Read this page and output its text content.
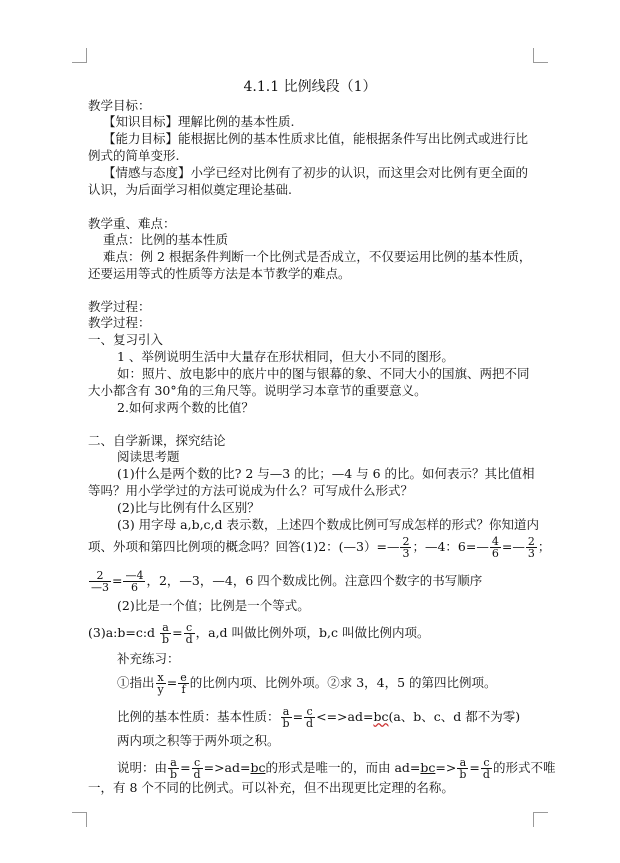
4.1.1 比例线段（1）
教学目标：
【知识目标】理解比例的基本性质.
【能力目标】能根据比例的基本性质求比值，能根据条件写出比例式或进行比
例式的简单变形.
【情感与态度】小学已经对比例有了初步的认识，而这里会对比例有更全面的
认识，为后面学习相似奠定理论基础.
教学重、难点：
重点：比例的基本性质
难点：例 2 根据条件判断一个比例式是否成立，不仅要运用比例的基本性质，
还要运用等式的性质等方法是本节教学的难点。
教学过程：
教学过程：
一、复习引入
1 、举例说明生活中大量存在形状相同，但大小不同的图形。
如：照片、放电影中的底片中的图与银幕的象、不同大小的国旗、两把不同
大小都含有 30°角的三角尺等。说明学习本章节的重要意义。
2.如何求两个数的比值？
二、自学新课，探究结论
阅读思考题
(1)什么是两个数的比? 2 与—3 的比；—4 与 6 的比。如何表示？其比值相
等吗？用小学学过的方法可说成为什么？可写成什么形式？
(2)比与比例有什么区别？
(3) 用字母 a,b,c,d 表示数，上述四个数成比例可写成怎样的形式？你知道内
项、外项和第四比例项的概念吗？回答(1)2：(—3）=— $\frac{2}{3}$ ；—4：6=— $\frac{4}{6}$ =— $\frac{2}{3}$ ；
$\frac{2}{—3} = \frac{—4}{6}$ ，2，—3，—4，6 四个数成比例。注意四个数字的书写顺序
(2)比是一个值；比例是一个等式。
(3)a:b=c:d $\frac{a}{b} = \frac{c}{d}$ ，a,d 叫做比例外项，b,c 叫做比例内项。
补充练习：
①指出 $\frac{x}{y} = \frac{e}{f}$ 的比例内项、比例外项。②求 3，4，5 的第四比例项。
比例的基本性质：基本性质： $\frac{a}{b} = \frac{c}{d} <=>ad=bc(a$、b、c、d 都不为零)
两内项之积等于两外项之积。
说明：由 $\frac{a}{b} = \frac{c}{d} =>ad=bc$的形式是唯一的，而由 $ad=bc=> \frac{a}{b} = \frac{c}{d}$ 的形式不唯
一，有 8 个不同的比例式。可以补充，但不出现更比定理的名称。
